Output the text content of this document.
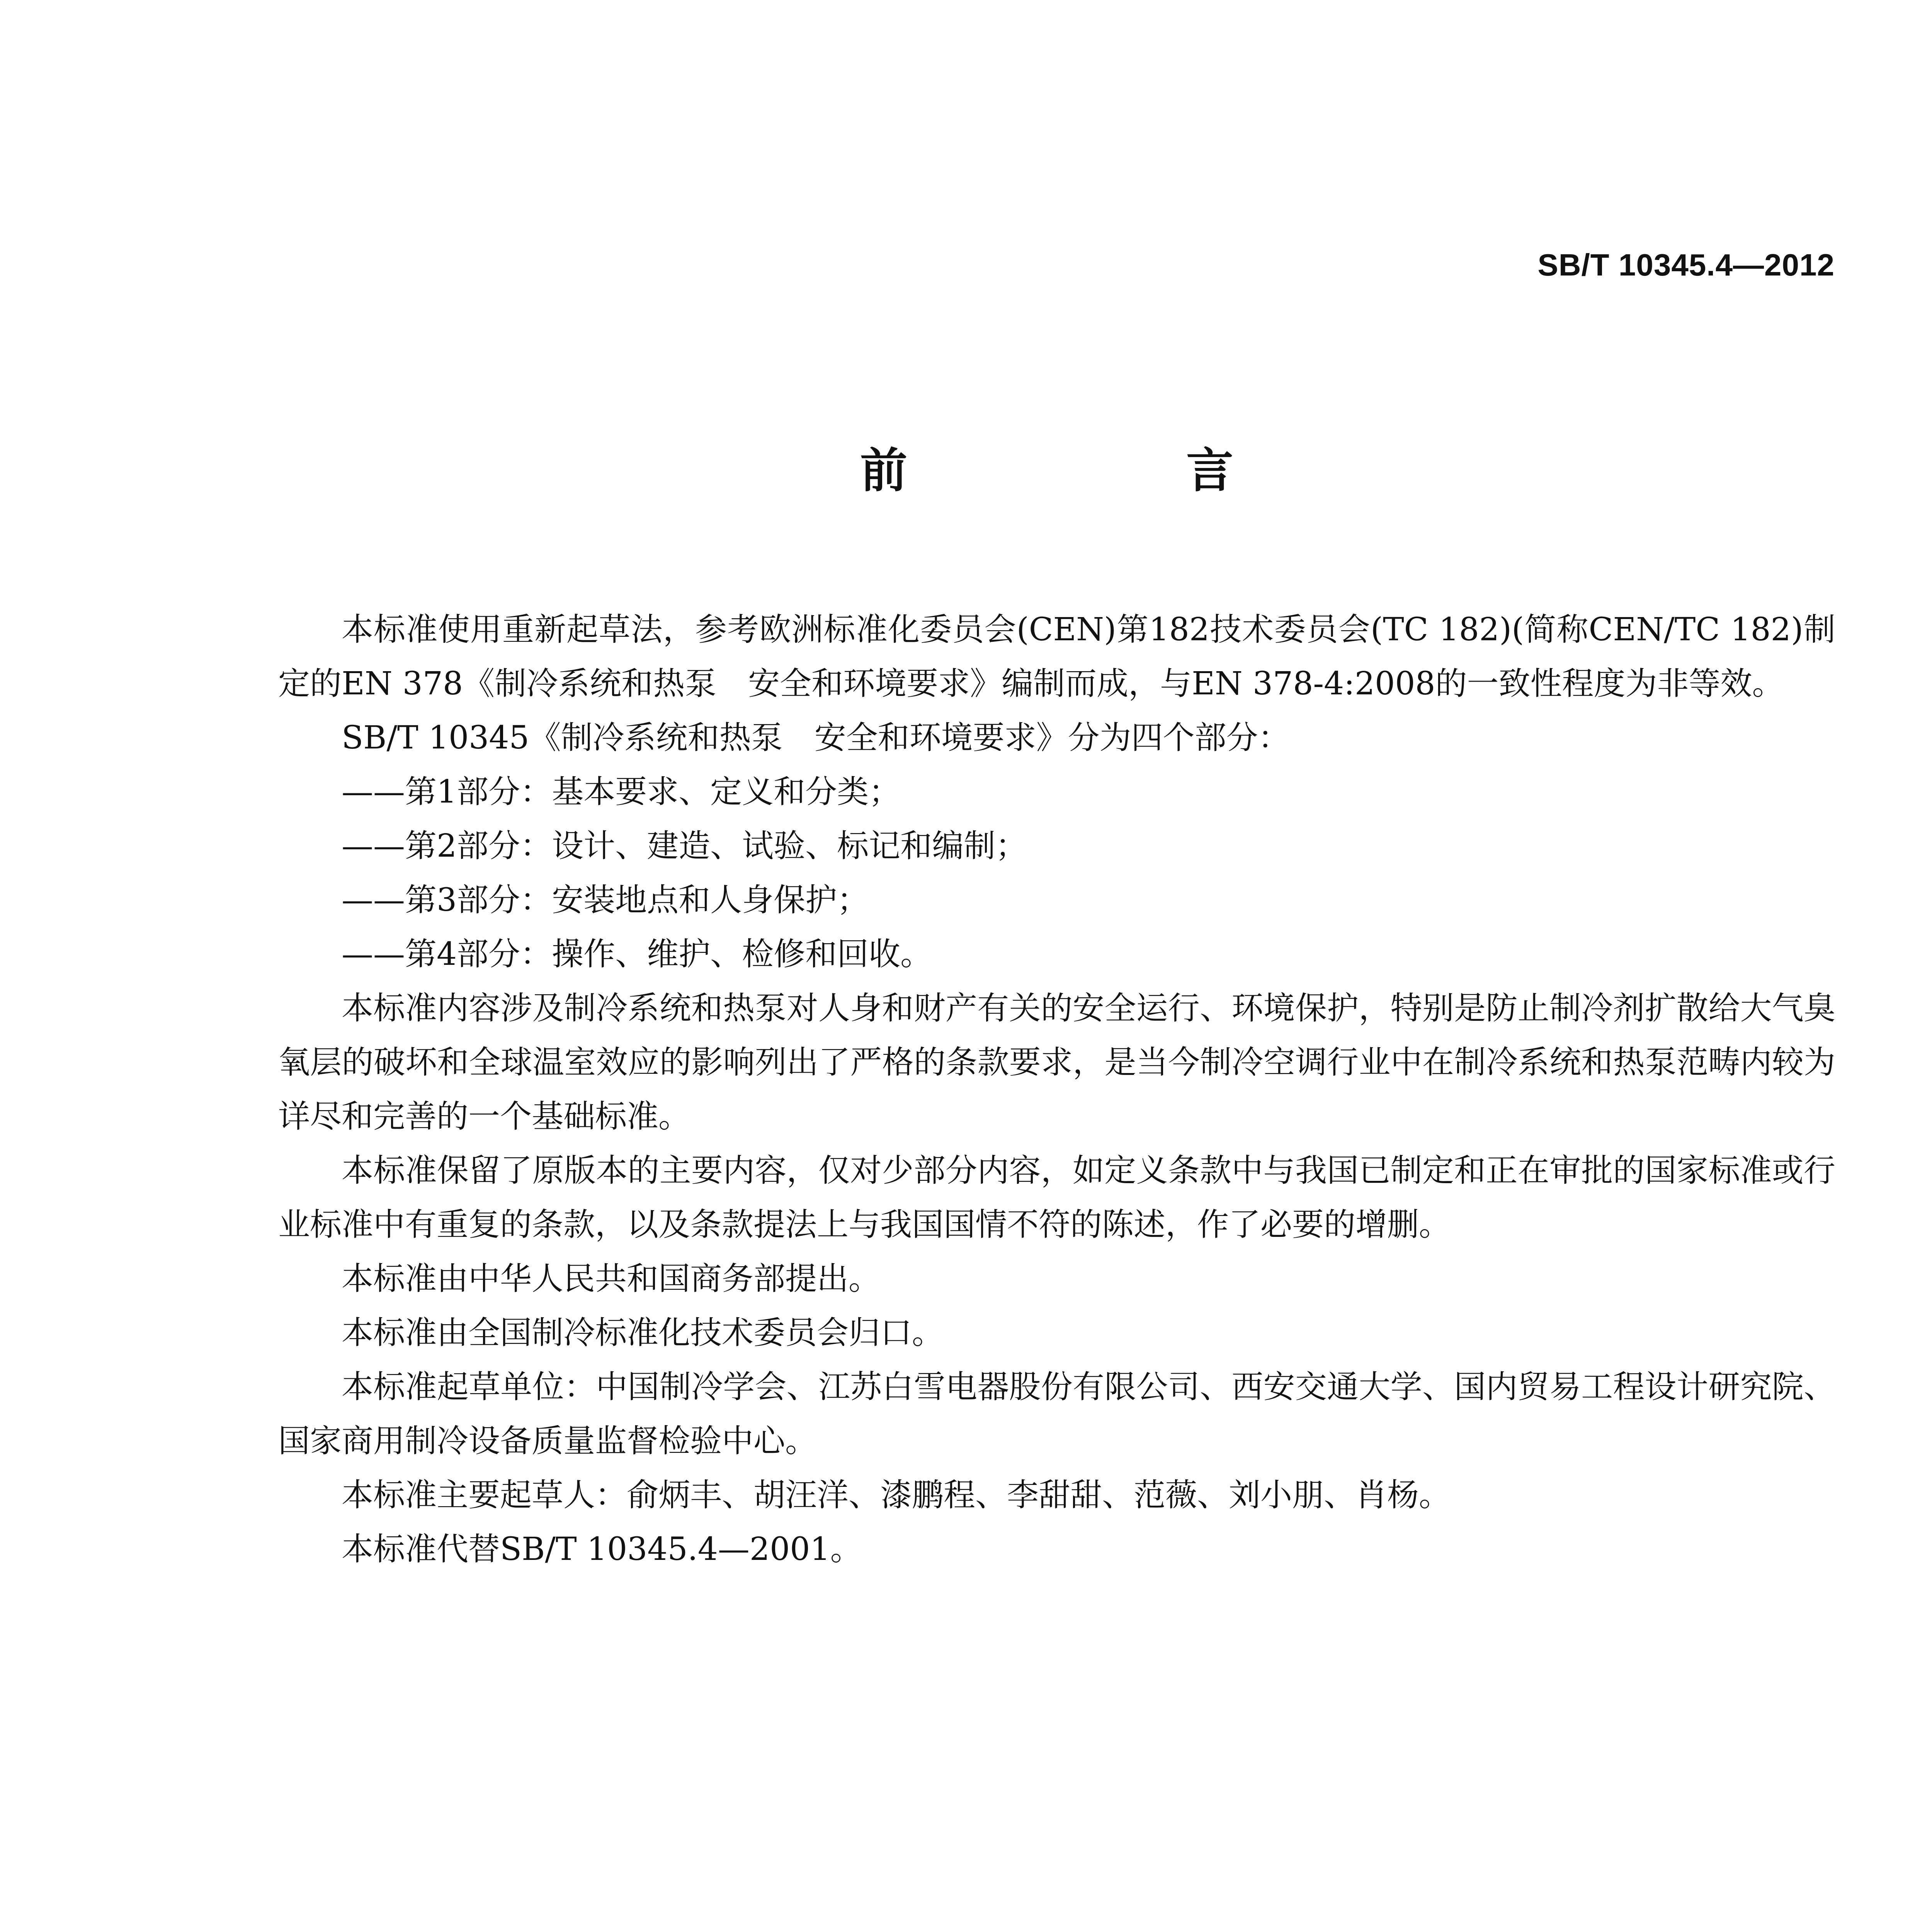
SB/T 10345.4—2012
前　言

本标准使用重新起草法，参考欧洲标准化委员会(CEN)第182技术委员会(TC 182)(简称CEN/TC 182)制定的EN 378《制冷系统和热泵　安全和环境要求》编制而成，与EN 378-4:2008的一致性程度为非等效。

SB/T 10345《制冷系统和热泵　安全和环境要求》分为四个部分：

——第1部分：基本要求、定义和分类；

——第2部分：设计、建造、试验、标记和编制；

——第3部分：安装地点和人身保护；

——第4部分：操作、维护、检修和回收。

本标准内容涉及制冷系统和热泵对人身和财产有关的安全运行、环境保护，特别是防止制冷剂扩散给大气臭氧层的破坏和全球温室效应的影响列出了严格的条款要求，是当今制冷空调行业中在制冷系统和热泵范畴内较为详尽和完善的一个基础标准。

本标准保留了原版本的主要内容，仅对少部分内容，如定义条款中与我国已制定和正在审批的国家标准或行业标准中有重复的条款，以及条款提法上与我国国情不符的陈述，作了必要的增删。

本标准由中华人民共和国商务部提出。

本标准由全国制冷标准化技术委员会归口。

本标准起草单位：中国制冷学会、江苏白雪电器股份有限公司、西安交通大学、国内贸易工程设计研究院、国家商用制冷设备质量监督检验中心。

本标准主要起草人：俞炳丰、胡汪洋、漆鹏程、李甜甜、范薇、刘小朋、肖杨。

本标准代替SB/T 10345.4—2001。
